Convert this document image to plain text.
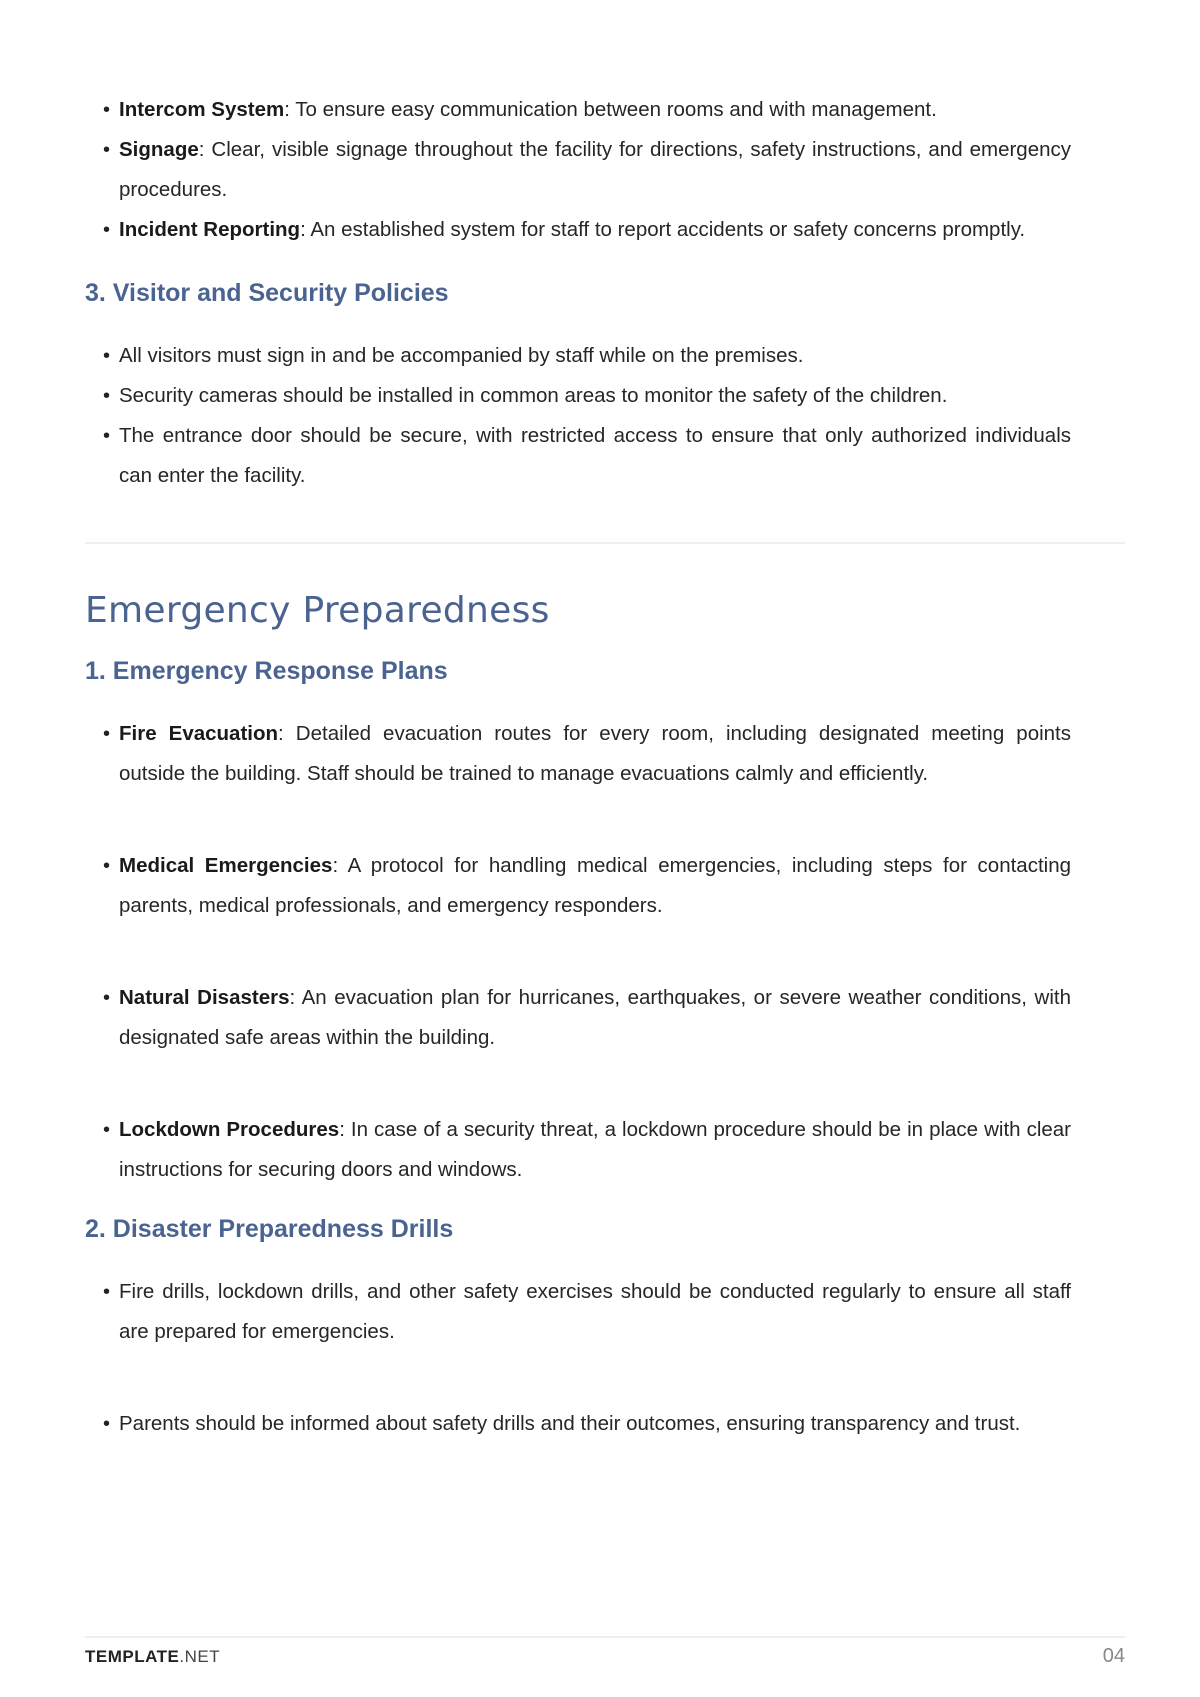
• Intercom System: To ensure easy communication between rooms and with management.
• Signage: Clear, visible signage throughout the facility for directions, safety instructions, and emergency procedures.
• Incident Reporting: An established system for staff to report accidents or safety concerns promptly.
3. Visitor and Security Policies
• All visitors must sign in and be accompanied by staff while on the premises.
• Security cameras should be installed in common areas to monitor the safety of the children.
• The entrance door should be secure, with restricted access to ensure that only authorized individuals can enter the facility.
Emergency Preparedness
1. Emergency Response Plans
• Fire Evacuation: Detailed evacuation routes for every room, including designated meeting points outside the building. Staff should be trained to manage evacuations calmly and efficiently.
• Medical Emergencies: A protocol for handling medical emergencies, including steps for contacting parents, medical professionals, and emergency responders.
• Natural Disasters: An evacuation plan for hurricanes, earthquakes, or severe weather conditions, with designated safe areas within the building.
• Lockdown Procedures: In case of a security threat, a lockdown procedure should be in place with clear instructions for securing doors and windows.
2. Disaster Preparedness Drills
• Fire drills, lockdown drills, and other safety exercises should be conducted regularly to ensure all staff are prepared for emergencies.
• Parents should be informed about safety drills and their outcomes, ensuring transparency and trust.
TEMPLATE.NET	04
